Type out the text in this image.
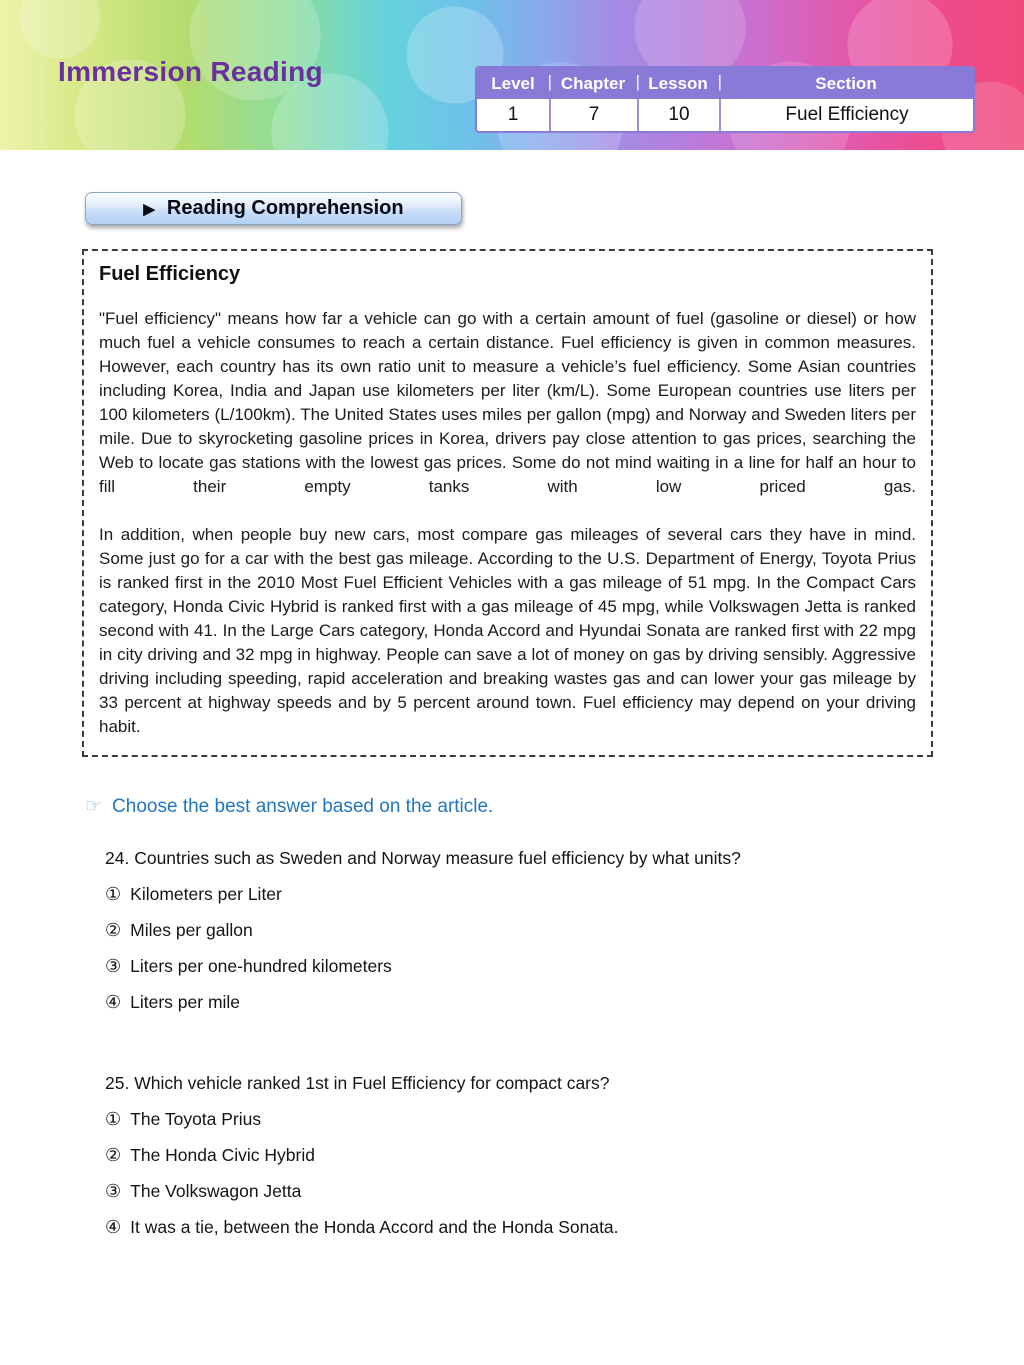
Immersion Reading	Level | Chapter | Lesson |	Section
1	7	10	Fuel Efficiency
▶ Reading Comprehension
Fuel Efficiency

"Fuel efficiency" means how far a vehicle can go with a certain amount of fuel (gasoline or diesel) or how much fuel a vehicle consumes to reach a certain distance. Fuel efficiency is given in common measures. However, each country has its own ratio unit to measure a vehicle’s fuel efficiency. Some Asian countries including Korea, India and Japan use kilometers per liter (km/L). Some European countries use liters per 100 kilometers (L/100km). The United States uses miles per gallon (mpg) and Norway and Sweden liters per mile. Due to skyrocketing gasoline prices in Korea, drivers pay close attention to gas prices, searching the Web to locate gas stations with the lowest gas prices. Some do not mind waiting in a line for half an hour to fill their empty tanks with low priced gas.

In addition, when people buy new cars, most compare gas mileages of several cars they have in mind. Some just go for a car with the best gas mileage. According to the U.S. Department of Energy, Toyota Prius is ranked first in the 2010 Most Fuel Efficient Vehicles with a gas mileage of 51 mpg. In the Compact Cars category, Honda Civic Hybrid is ranked first with a gas mileage of 45 mpg, while Volkswagen Jetta is ranked second with 41. In the Large Cars category, Honda Accord and Hyundai Sonata are ranked first with 22 mpg in city driving and 32 mpg in highway. People can save a lot of money on gas by driving sensibly. Aggressive driving including speeding, rapid acceleration and breaking wastes gas and can lower your gas mileage by 33 percent at highway speeds and by 5 percent around town. Fuel efficiency may depend on your driving habit.

☞ Choose the best answer based on the article.
24. Countries such as Sweden and Norway measure fuel efficiency by what units?
① Kilometers per Liter
② Miles per gallon
③ Liters per one-hundred kilometers
④ Liters per mile
25. Which vehicle ranked 1st in Fuel Efficiency for compact cars?
① The Toyota Prius
② The Honda Civic Hybrid
③ The Volkswagon Jetta
④ It was a tie, between the Honda Accord and the Honda Sonata.
